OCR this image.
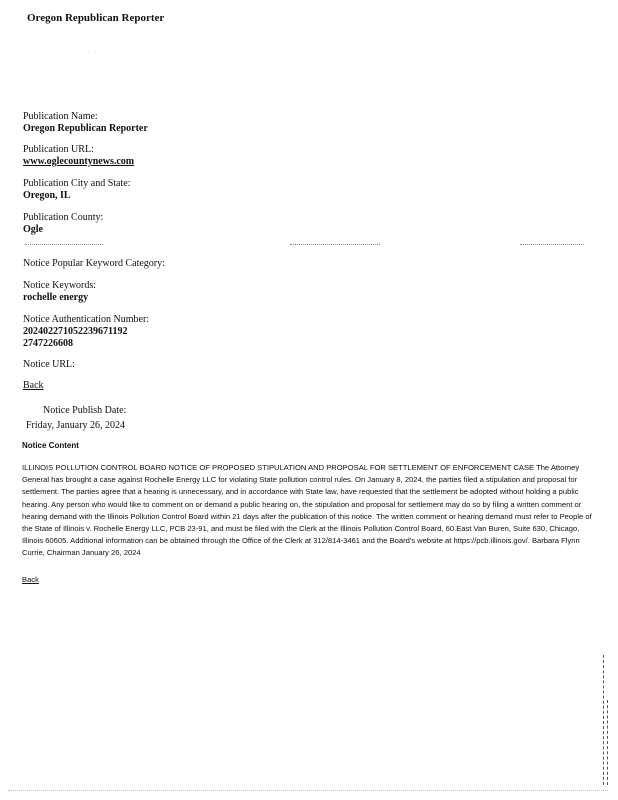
Oregon Republican Reporter
· · · · · ·
· · · · ·
· · · · ·
Publication Name:
Oregon Republican Reporter
Publication URL:
www.oglecountynews.com
Publication City and State:
Oregon, IL
Publication County:
Ogle
Notice Popular Keyword Category:
Notice Keywords:
rochelle energy
Notice Authentication Number:
202402271052239671192
2747226608
Notice URL:
Back
Notice Publish Date:
Friday, January 26, 2024
Notice Content
ILLINOIS POLLUTION CONTROL BOARD NOTICE OF PROPOSED STIPULATION AND PROPOSAL FOR SETTLEMENT OF ENFORCEMENT CASE The Attorney General has brought a case against Rochelle Energy LLC for violating State pollution control rules. On January 8, 2024, the parties filed a stipulation and proposal for settlement. The parties agree that a hearing is unnecessary, and in accordance with State law, have requested that the settlement be adopted without holding a public hearing. Any person who would like to comment on or demand a public hearing on, the stipulation and proposal for settlement may do so by filing a written comment or hearing demand with the Illinois Pollution Control Board within 21 days after the publication of this notice. The written comment or hearing demand must refer to People of the State of Illinois v. Rochelle Energy LLC, PCB 23-91, and must be filed with the Clerk at the Illinois Pollution Control Board, 60 East Van Buren, Suite 630, Chicago, Illinois 60605. Additional information can be obtained through the Office of the Clerk at 312/814-3461 and the Board's website at https://pcb.illinois.gov/. Barbara Flynn Currie, Chairman January 26, 2024
Back
